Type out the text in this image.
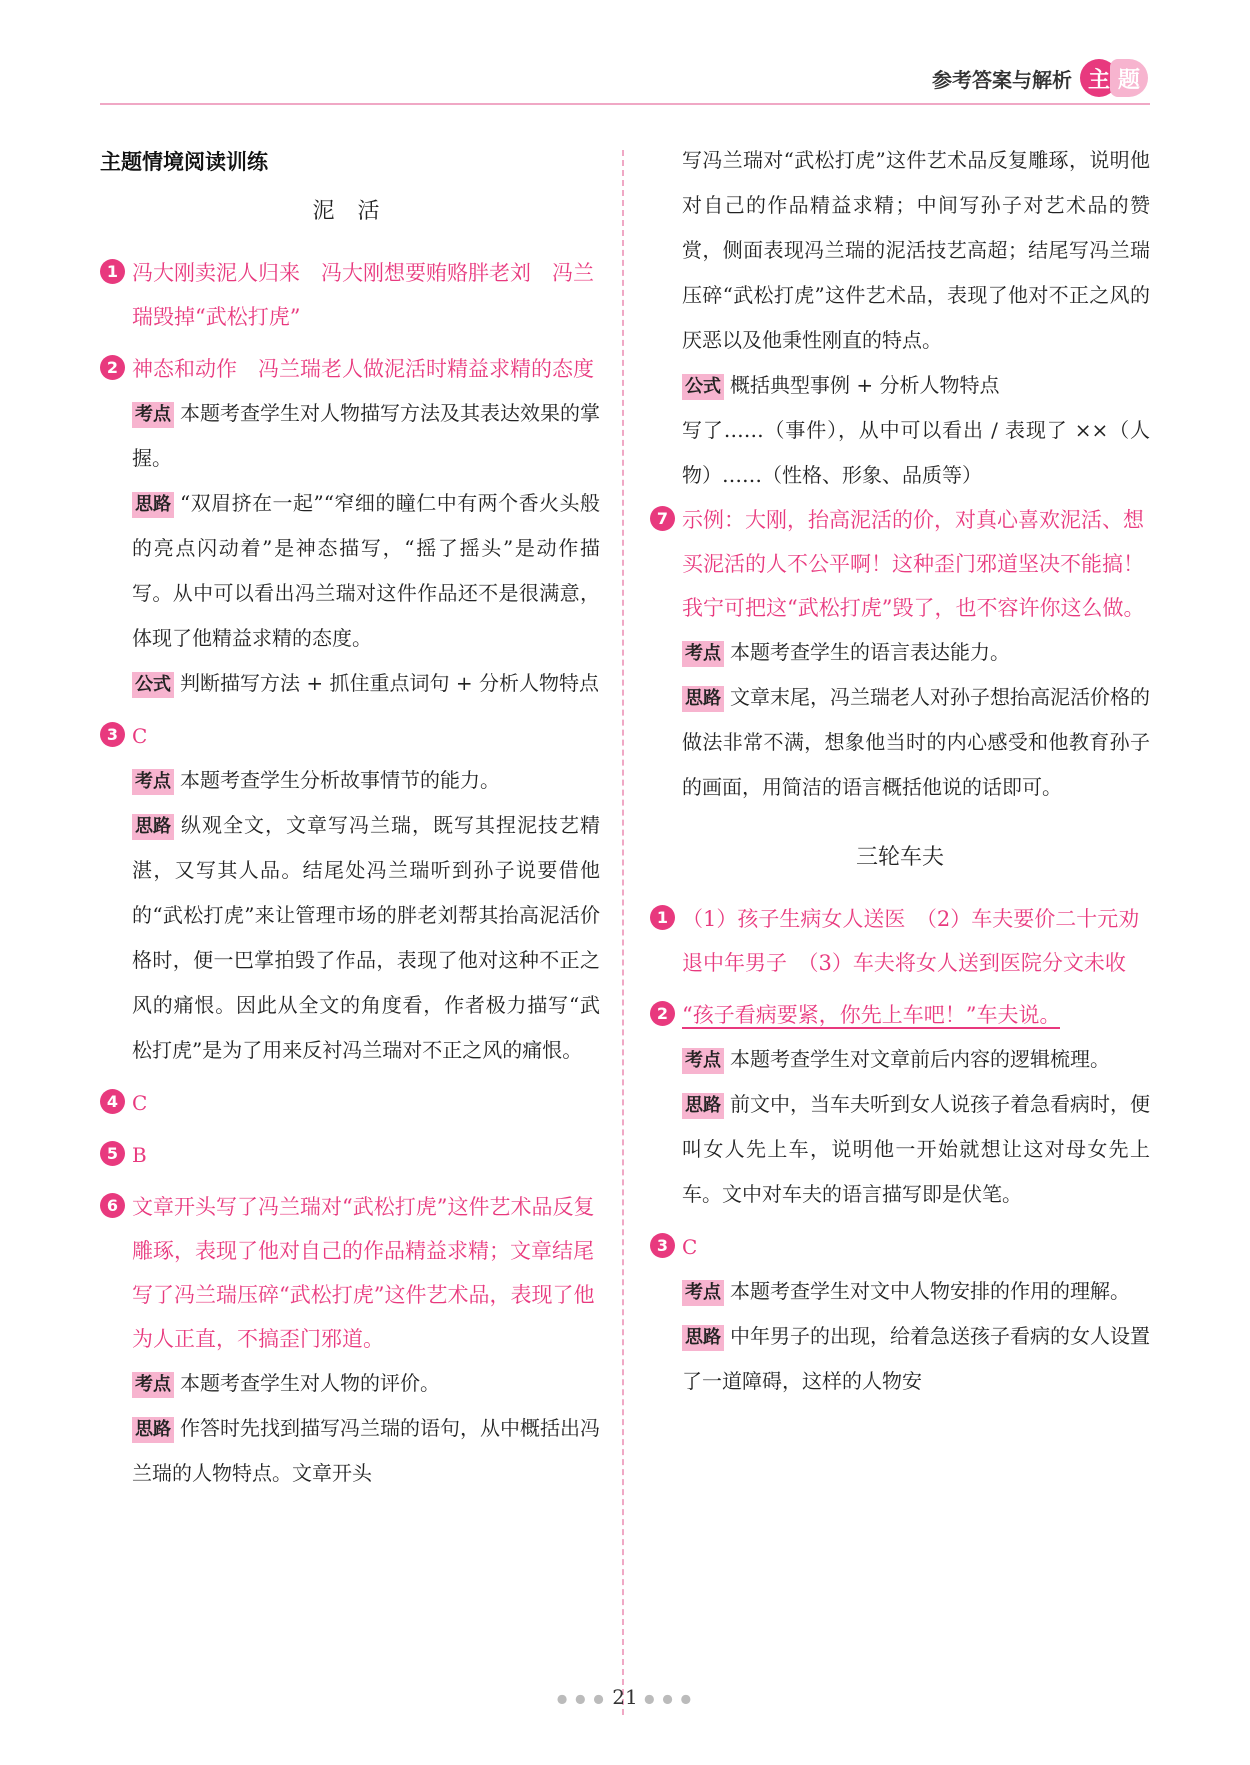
参考答案与解析 主 题
主题情境阅读训练
泥 活
1 冯大刚卖泥人归来　冯大刚想要贿赂胖老刘　冯兰瑞毁掉“武松打虎”
2 神态和动作　冯兰瑞老人做泥活时精益求精的态度
考点 本题考查学生对人物描写方法及其表达效果的掌握。
思路 “双眉挤在一起”“窄细的瞳仁中有两个香火头般的亮点闪动着”是神态描写，“摇了摇头”是动作描写。从中可以看出冯兰瑞对这件作品还不是很满意，体现了他精益求精的态度。
公式 判断描写方法 + 抓住重点词句 + 分析人物特点
3 C
考点 本题考查学生分析故事情节的能力。
思路 纵观全文，文章写冯兰瑞，既写其捏泥技艺精湛，又写其人品。结尾处冯兰瑞听到孙子说要借他的“武松打虎”来让管理市场的胖老刘帮其抬高泥活价格时，便一巴掌拍毁了作品，表现了他对这种不正之风的痛恨。因此从全文的角度看，作者极力描写“武松打虎”是为了用来反衬冯兰瑞对不正之风的痛恨。
4 C
5 B
6 文章开头写了冯兰瑞对“武松打虎”这件艺术品反复雕琢，表现了他对自己的作品精益求精；文章结尾写了冯兰瑞压碎“武松打虎”这件艺术品，表现了他为人正直，不搞歪门邪道。
考点 本题考查学生对人物的评价。
思路 作答时先找到描写冯兰瑞的语句，从中概括出冯兰瑞的人物特点。文章开头
写冯兰瑞对“武松打虎”这件艺术品反复雕琢，说明他对自己的作品精益求精；中间写孙子对艺术品的赞赏，侧面表现冯兰瑞的泥活技艺高超；结尾写冯兰瑞压碎“武松打虎”这件艺术品，表现了他对不正之风的厌恶以及他秉性刚直的特点。
公式 概括典型事例 + 分析人物特点
写了……（事件），从中可以看出 / 表现了 ××（人物）……（性格、形象、品质等）
7 示例：大刚，抬高泥活的价，对真心喜欢泥活、想买泥活的人不公平啊！这种歪门邪道坚决不能搞！我宁可把这“武松打虎”毁了，也不容许你这么做。
考点 本题考查学生的语言表达能力。
思路 文章末尾，冯兰瑞老人对孙子想抬高泥活价格的做法非常不满，想象他当时的内心感受和他教育孙子的画面，用简洁的语言概括他说的话即可。
三轮车夫
1 （1）孩子生病女人送医　（2）车夫要价二十元劝退中年男子　（3）车夫将女人送到医院分文未收
2 “孩子看病要紧，你先上车吧！”车夫说。
考点 本题考查学生对文章前后内容的逻辑梳理。
思路 前文中，当车夫听到女人说孩子着急看病时，便叫女人先上车，说明他一开始就想让这对母女先上车。文中对车夫的语言描写即是伏笔。
3 C
考点 本题考查学生对文中人物安排的作用的理解。
思路 中年男子的出现，给着急送孩子看病的女人设置了一道障碍，这样的人物安
● ● ● 21 ● ● ●
